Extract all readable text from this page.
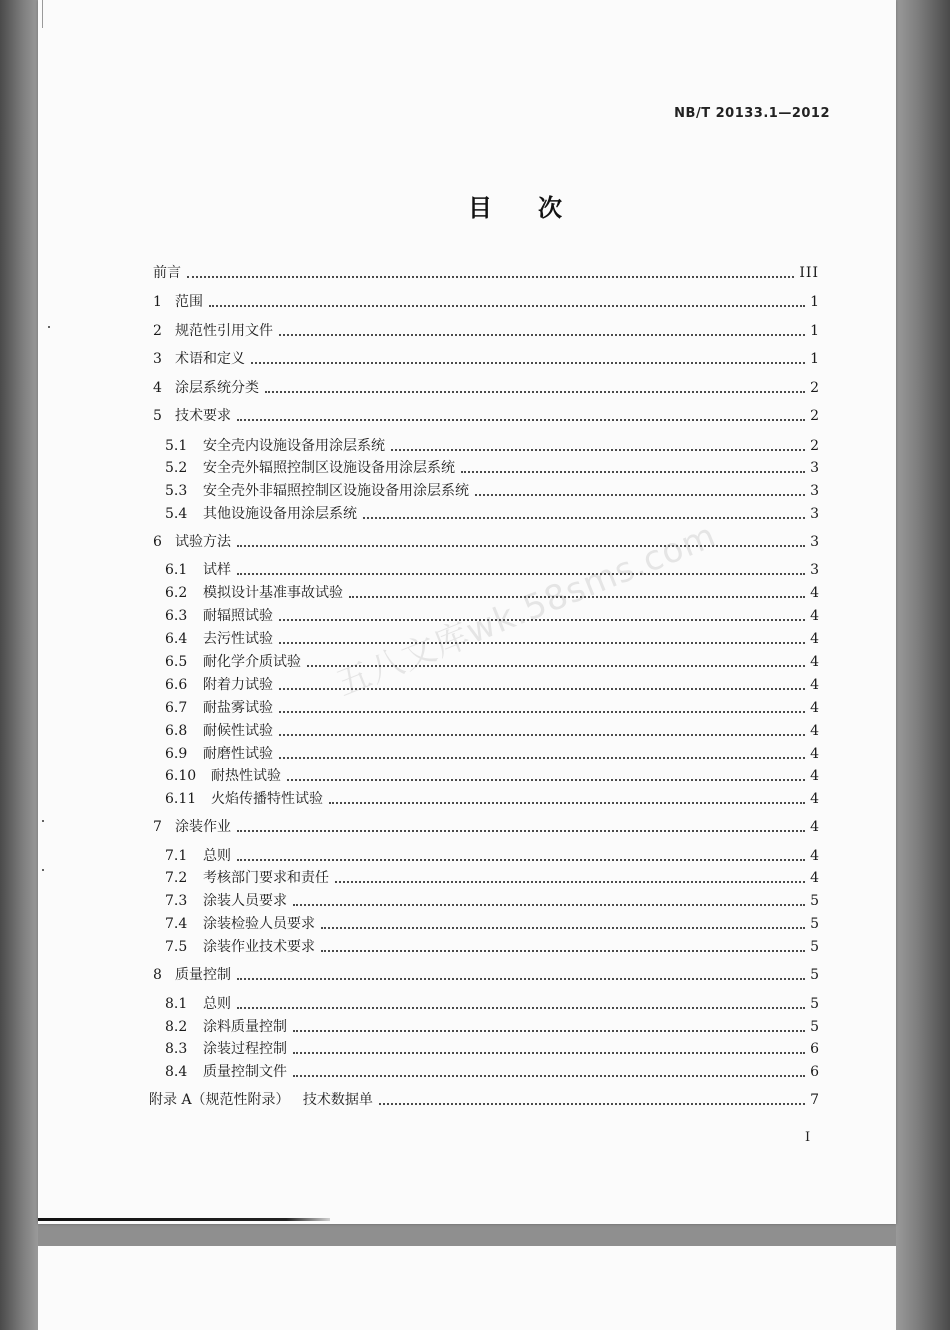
NB/T 20133.1—2012
目次
前言	III
1 范围	1
2 规范性引用文件	1
3 术语和定义	1
4 涂层系统分类	2
5 技术要求	2
5.1	安全壳内设施设备用涂层系统	2
5.2	安全壳外辐照控制区设施设备用涂层系统	3
5.3	安全壳外非辐照控制区设施设备用涂层系统	3
5.4	其他设施设备用涂层系统	3
6 试验方法	3
6.1	试样	3
6.2	模拟设计基准事故试验	4
6.3	耐辐照试验	4
6.4	去污性试验	4
6.5	耐化学介质试验	4
6.6	附着力试验	4
6.7	耐盐雾试验	4
6.8	耐候性试验	4
6.9	耐磨性试验	4
6.10	耐热性试验	4
6.11	火焰传播特性试验	4
7 涂装作业	4
7.1	总则	4
7.2	考核部门要求和责任	4
7.3	涂装人员要求	5
7.4	涂装检验人员要求	5
7.5	涂装作业技术要求	5
8 质量控制	5
8.1	总则	5
8.2	涂料质量控制	5
8.3	涂装过程控制	6
8.4	质量控制文件	6
附录 A（规范性附录）   技术数据单	7
五八文库wk.58sms.com
I
